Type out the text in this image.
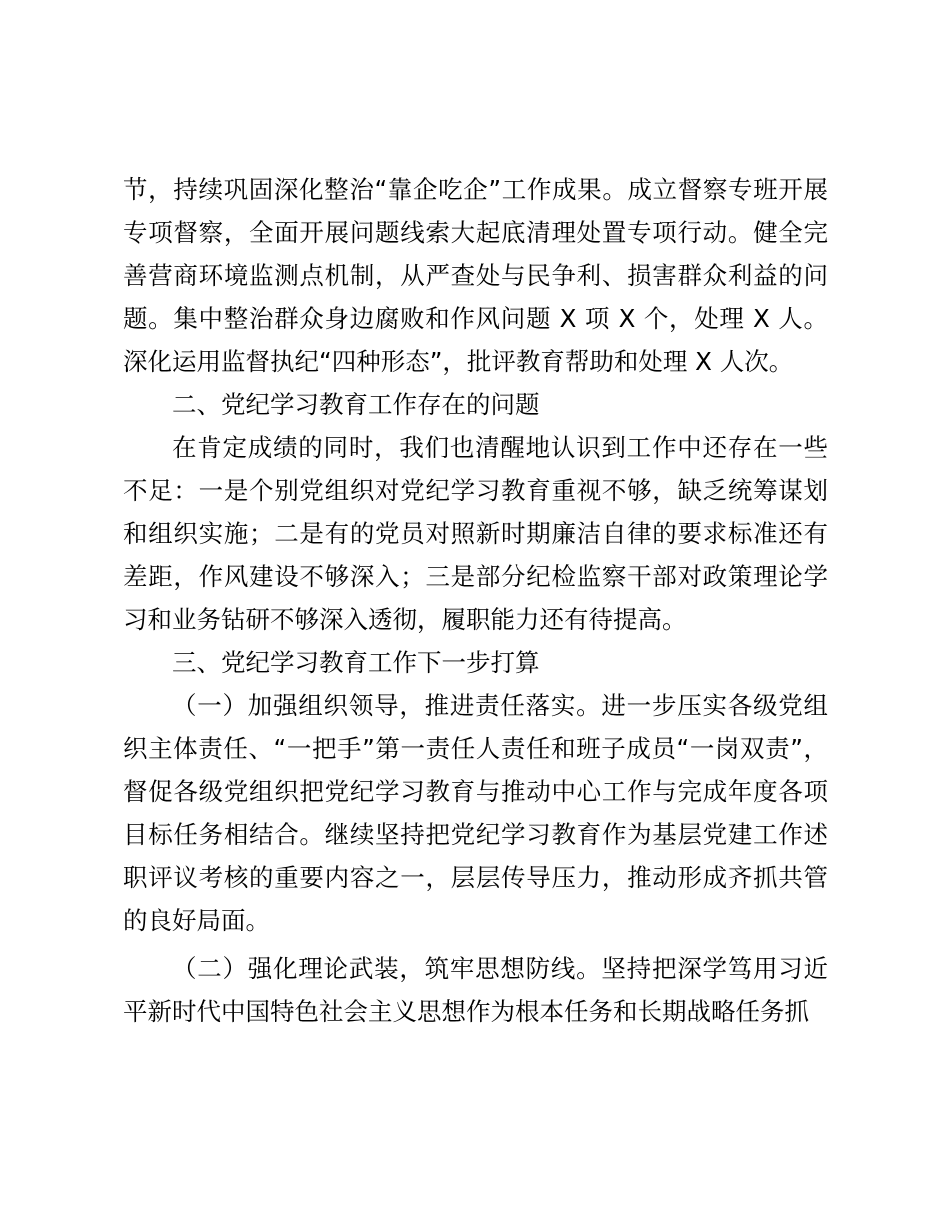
节，持续巩固深化整治“靠企吃企”工作成果。成立督察专班开展专项督察，全面开展问题线索大起底清理处置专项行动。健全完善营商环境监测点机制，从严查处与民争利、损害群众利益的问题。集中整治群众身边腐败和作风问题 X 项 X 个，处理 X 人。深化运用监督执纪“四种形态”，批评教育帮助和处理 X 人次。

二、党纪学习教育工作存在的问题

在肯定成绩的同时，我们也清醒地认识到工作中还存在一些不足：一是个别党组织对党纪学习教育重视不够，缺乏统筹谋划和组织实施；二是有的党员对照新时期廉洁自律的要求标准还有差距，作风建设不够深入；三是部分纪检监察干部对政策理论学习和业务钻研不够深入透彻，履职能力还有待提高。

三、党纪学习教育工作下一步打算

（一）加强组织领导，推进责任落实。进一步压实各级党组织主体责任、“一把手”第一责任人责任和班子成员“一岗双责”，督促各级党组织把党纪学习教育与推动中心工作与完成年度各项目标任务相结合。继续坚持把党纪学习教育作为基层党建工作述职评议考核的重要内容之一，层层传导压力，推动形成齐抓共管的良好局面。

（二）强化理论武装，筑牢思想防线。坚持把深学笃用习近平新时代中国特色社会主义思想作为根本任务和长期战略任务抓
